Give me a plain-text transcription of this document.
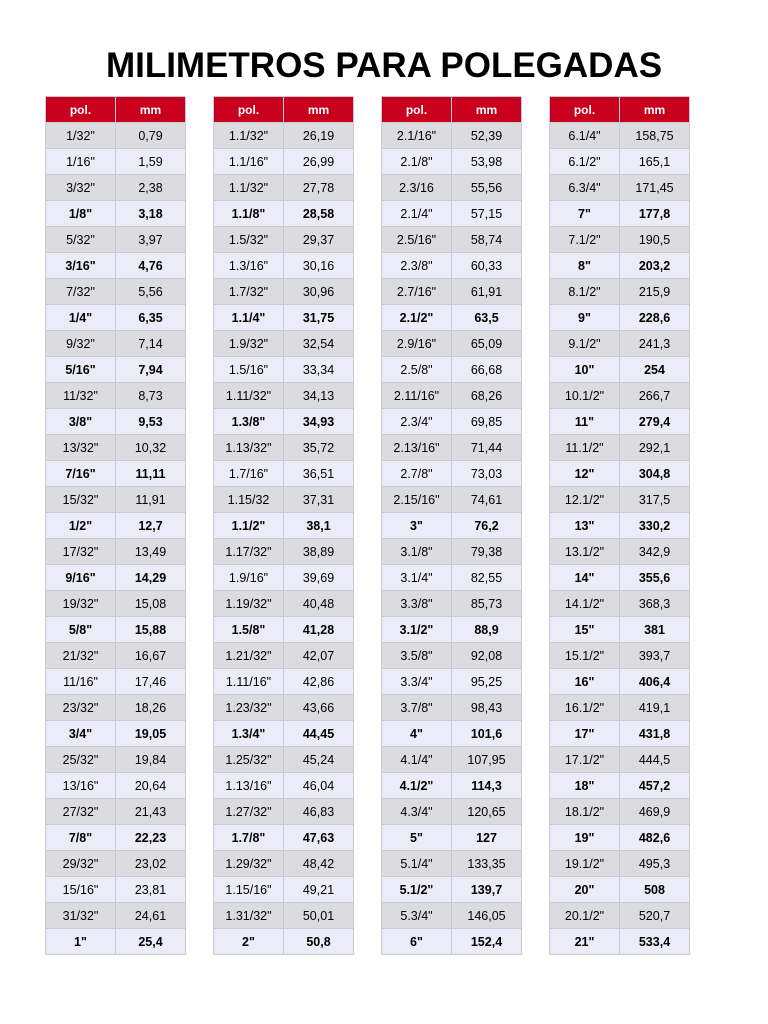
MILIMETROS PARA POLEGADAS
pol.	mm
1/32"	0,79
1/16"	1,59
3/32"	2,38
1/8"	3,18
5/32"	3,97
3/16"	4,76
7/32"	5,56
1/4"	6,35
9/32"	7,14
5/16"	7,94
11/32"	8,73
3/8"	9,53
13/32"	10,32
7/16"	11,11
15/32"	11,91
1/2"	12,7
17/32"	13,49
9/16"	14,29
19/32"	15,08
5/8"	15,88
21/32"	16,67
11/16"	17,46
23/32"	18,26
3/4"	19,05
25/32"	19,84
13/16"	20,64
27/32"	21,43
7/8"	22,23
29/32"	23,02
15/16"	23,81
31/32"	24,61
1"	25,4
pol.	mm
1.1/32"	26,19
1.1/16"	26,99
1.1/32"	27,78
1.1/8"	28,58
1.5/32"	29,37
1.3/16"	30,16
1.7/32"	30,96
1.1/4"	31,75
1.9/32"	32,54
1.5/16"	33,34
1.11/32"	34,13
1.3/8"	34,93
1.13/32"	35,72
1.7/16"	36,51
1.15/32	37,31
1.1/2"	38,1
1.17/32"	38,89
1.9/16"	39,69
1.19/32"	40,48
1.5/8"	41,28
1.21/32"	42,07
1.11/16"	42,86
1.23/32"	43,66
1.3/4"	44,45
1.25/32"	45,24
1.13/16"	46,04
1.27/32"	46,83
1.7/8"	47,63
1.29/32"	48,42
1.15/16"	49,21
1.31/32"	50,01
2"	50,8
pol.	mm
2.1/16"	52,39
2.1/8"	53,98
2.3/16	55,56
2.1/4"	57,15
2.5/16"	58,74
2.3/8"	60,33
2.7/16"	61,91
2.1/2"	63,5
2.9/16"	65,09
2.5/8"	66,68
2.11/16"	68,26
2.3/4"	69,85
2.13/16"	71,44
2.7/8"	73,03
2.15/16"	74,61
3"	76,2
3.1/8"	79,38
3.1/4"	82,55
3.3/8"	85,73
3.1/2"	88,9
3.5/8"	92,08
3.3/4"	95,25
3.7/8"	98,43
4"	101,6
4.1/4"	107,95
4.1/2"	114,3
4.3/4"	120,65
5"	127
5.1/4"	133,35
5.1/2"	139,7
5.3/4"	146,05
6"	152,4
pol.	mm
6.1/4"	158,75
6.1/2"	165,1
6.3/4"	171,45
7"	177,8
7.1/2"	190,5
8"	203,2
8.1/2"	215,9
9"	228,6
9.1/2"	241,3
10"	254
10.1/2"	266,7
11"	279,4
11.1/2"	292,1
12"	304,8
12.1/2"	317,5
13"	330,2
13.1/2"	342,9
14"	355,6
14.1/2"	368,3
15"	381
15.1/2"	393,7
16"	406,4
16.1/2"	419,1
17"	431,8
17.1/2"	444,5
18"	457,2
18.1/2"	469,9
19"	482,6
19.1/2"	495,3
20"	508
20.1/2"	520,7
21"	533,4
